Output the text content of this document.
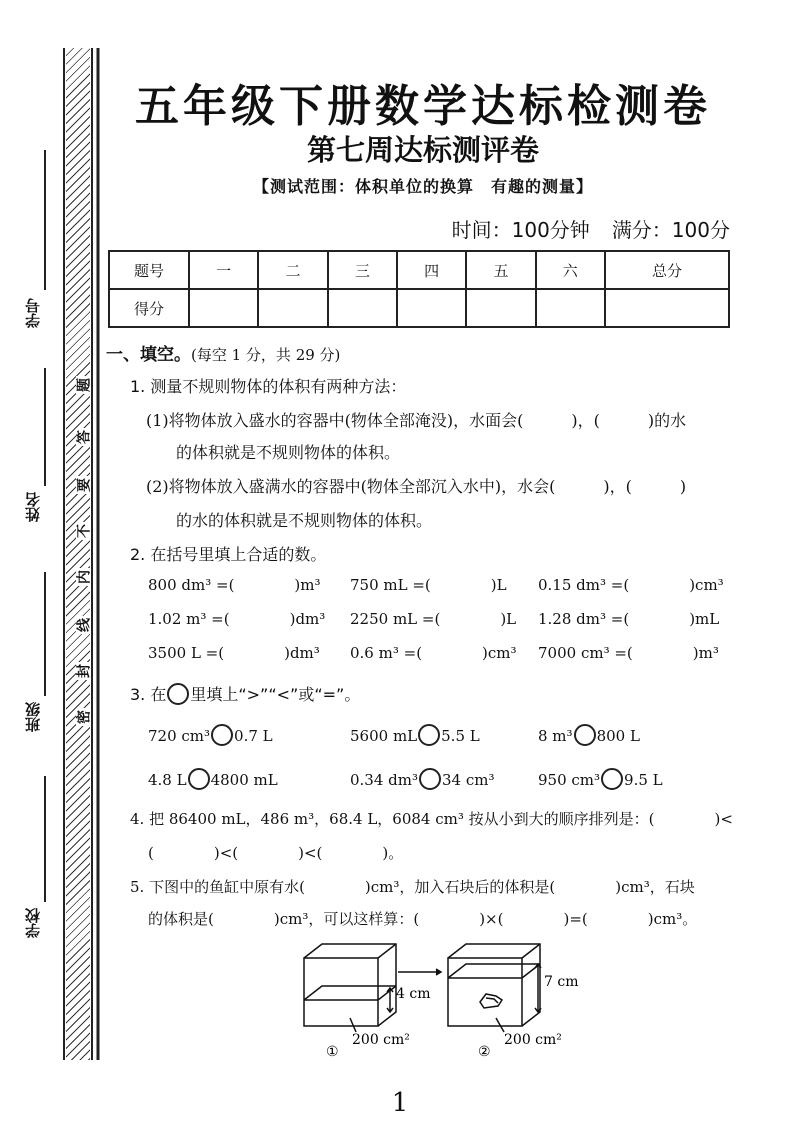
学号
姓名
班级
学校
题
答
要
不
内
线
封
密
五年级下册数学达标检测卷
第七周达标测评卷
【测试范围：体积单位的换算　有趣的测量】
时间：100分钟 满分：100分
题号	一	二	三	四	五	六	总分
得分							
一、填空。(每空 1 分，共 29 分)
1. 测量不规则物体的体积有两种方法：
(1)将物体放入盛水的容器中(物体全部淹没)，水面会(　　　)，(　　　)的水
的体积就是不规则物体的体积。
(2)将物体放入盛满水的容器中(物体全部沉入水中)，水会(　　　)，(　　　)
的水的体积就是不规则物体的体积。
2. 在括号里填上合适的数。
800 dm³ =(　　　　)m³ 750 mL =(　　　　)L 0.15 dm³ =(　　　　)cm³
1.02 m³ =(　　　　)dm³ 2250 mL =(　　　　)L 1.28 dm³ =(　　　　)mL
3500 L =(　　　　)dm³ 0.6 m³ =(　　　　)cm³ 7000 cm³ =(　　　　)m³
3. 在 里填上“>”“<”或“=”。
720 cm³ 0.7 L	5600 mL 5.5 L	8 m³ 800 L
4.8 L 4800 mL	0.34 dm³ 34 cm³	950 cm³ 9.5 L
4. 把 86400 mL，486 m³，68.4 L，6084 cm³ 按从小到大的顺序排列是：(　　　　)<
(　　　　)<(　　　　)<(　　　　)。
5. 下图中的鱼缸中原有水(　　　　)cm³，加入石块后的体积是(　　　　)cm³，石块
的体积是(　　　　)cm³，可以这样算：(　　　　)×(　　　　)=(　　　　)cm³。
4 cm
200 cm²
①
7 cm
200 cm²
②
1
